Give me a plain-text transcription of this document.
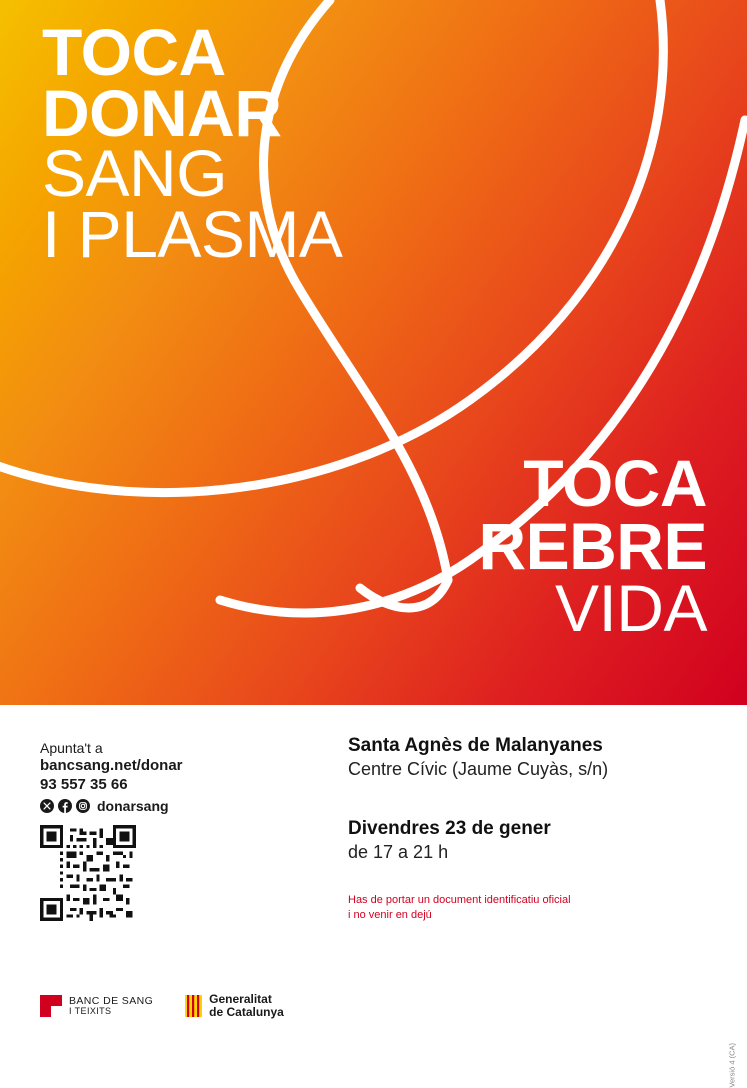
TOCA
DONAR
SANG
I PLASMA
TOCA
REBRE
VIDA

Apunta't a

bancsang.net/donar

93 557 35 66

donarsang

Santa Agnès de Malanyanes

Centre Cívic (Jaume Cuyàs, s/n)

Divendres 23 de gener

de 17 a 21 h

Has de portar un document identificatiu oficial
i no venir en dejú
BANC DE SANG
I TEIXITS
Generalitat
de Catalunya
Versió 4 (CA)
